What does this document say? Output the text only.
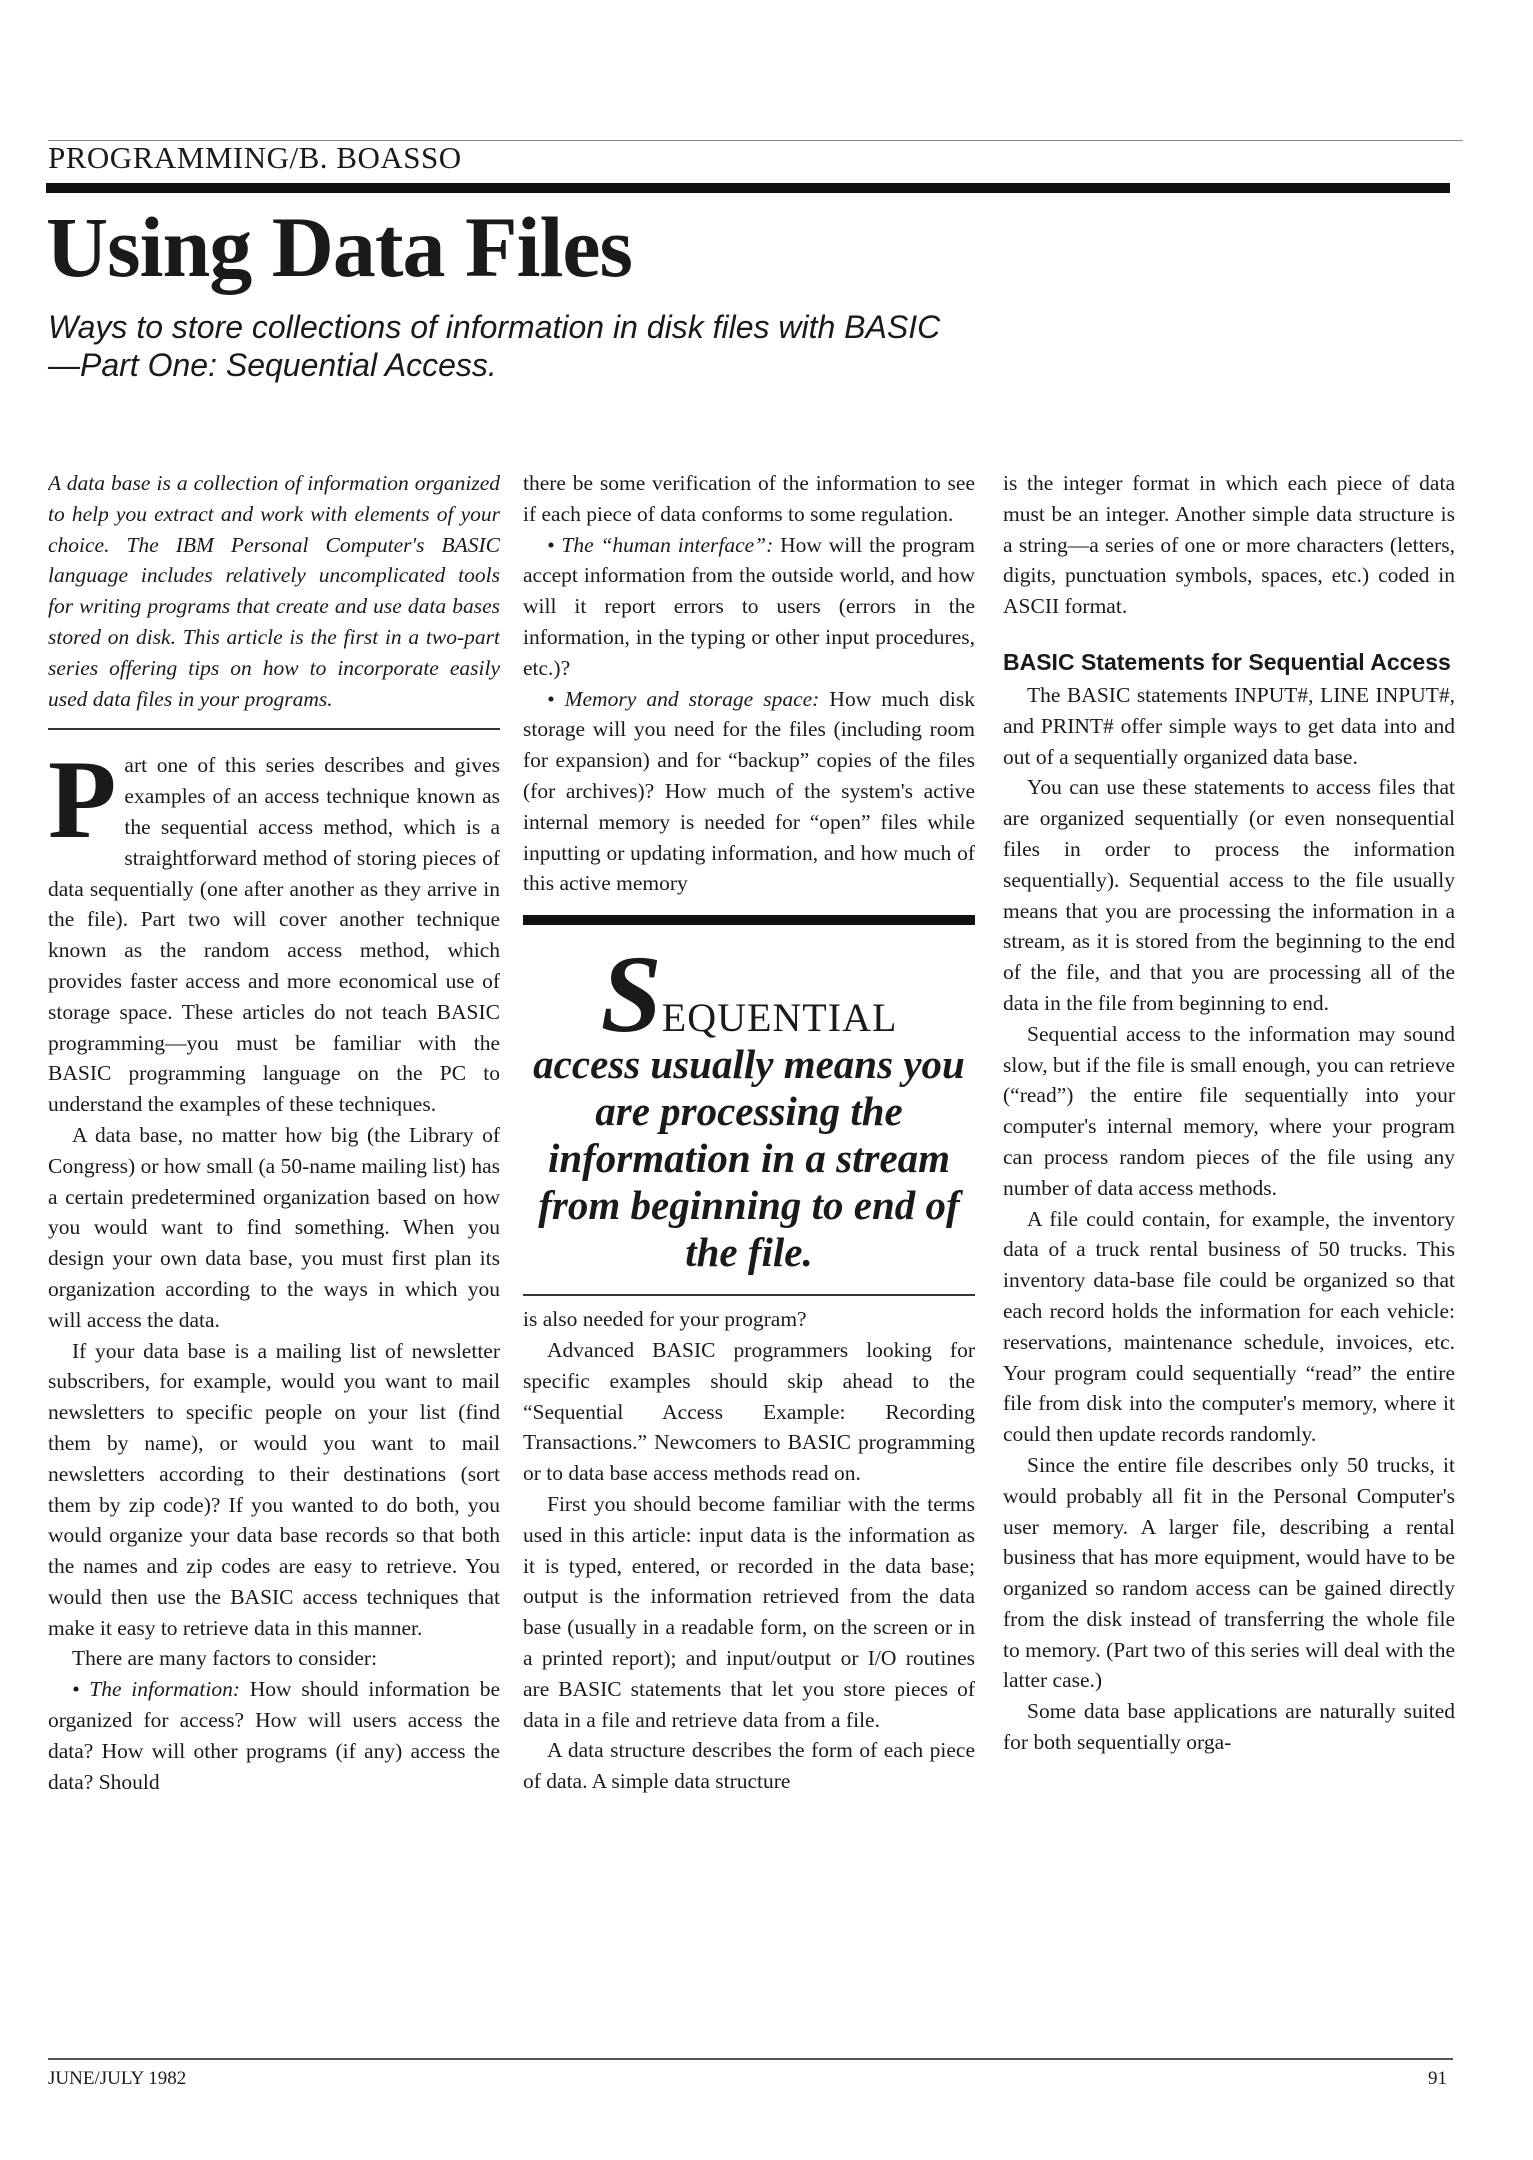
PROGRAMMING/B. BOASSO
Using Data Files
Ways to store collections of information in disk files with BASIC—Part One: Sequential Access.

A data base is a collection of information organized to help you extract and work with elements of your choice. The IBM Personal Computer's BASIC language includes relatively uncomplicated tools for writing programs that create and use data bases stored on disk. This article is the first in a two-part series offering tips on how to incorporate easily used data files in your programs.

Part one of this series describes and gives examples of an access technique known as the sequential access method, which is a straightforward method of storing pieces of data sequentially (one after another as they arrive in the file). Part two will cover another technique known as the random access method, which provides faster access and more economical use of storage space. These articles do not teach BASIC programming—you must be familiar with the BASIC programming language on the PC to understand the examples of these techniques.

A data base, no matter how big (the Library of Congress) or how small (a 50-name mailing list) has a certain predetermined organization based on how you would want to find something. When you design your own data base, you must first plan its organization according to the ways in which you will access the data.

If your data base is a mailing list of newsletter subscribers, for example, would you want to mail newsletters to specific people on your list (find them by name), or would you want to mail newsletters according to their destinations (sort them by zip code)? If you wanted to do both, you would organize your data base records so that both the names and zip codes are easy to retrieve. You would then use the BASIC access techniques that make it easy to retrieve data in this manner.

There are many factors to consider:

• The information: How should information be organized for access? How will users access the data? How will other programs (if any) access the data? Should

there be some verification of the information to see if each piece of data conforms to some regulation.

• The “human interface”: How will the program accept information from the outside world, and how will it report errors to users (errors in the information, in the typing or other input procedures, etc.)?

• Memory and storage space: How much disk storage will you need for the files (including room for expansion) and for “backup” copies of the files (for archives)? How much of the system's active internal memory is needed for “open” files while inputting or updating information, and how much of this active memory

SEQUENTIAL
access usually means you are processing the information in a stream from beginning to end of the file.

is also needed for your program?

Advanced BASIC programmers looking for specific examples should skip ahead to the “Sequential Access Example: Recording Transactions.” Newcomers to BASIC programming or to data base access methods read on.

First you should become familiar with the terms used in this article: input data is the information as it is typed, entered, or recorded in the data base; output is the information retrieved from the data base (usually in a readable form, on the screen or in a printed report); and input/output or I/O routines are BASIC statements that let you store pieces of data in a file and retrieve data from a file.

A data structure describes the form of each piece of data. A simple data structure

is the integer format in which each piece of data must be an integer. Another simple data structure is a string—a series of one or more characters (letters, digits, punctuation symbols, spaces, etc.) coded in ASCII format.

BASIC Statements for Sequential Access

The BASIC statements INPUT#, LINE INPUT#, and PRINT# offer simple ways to get data into and out of a sequentially organized data base.

You can use these statements to access files that are organized sequentially (or even nonsequential files in order to process the information sequentially). Sequential access to the file usually means that you are processing the information in a stream, as it is stored from the beginning to the end of the file, and that you are processing all of the data in the file from beginning to end.

Sequential access to the information may sound slow, but if the file is small enough, you can retrieve (“read”) the entire file sequentially into your computer's internal memory, where your program can process random pieces of the file using any number of data access methods.

A file could contain, for example, the inventory data of a truck rental business of 50 trucks. This inventory data-base file could be organized so that each record holds the information for each vehicle: reservations, maintenance schedule, invoices, etc. Your program could sequentially “read” the entire file from disk into the computer's memory, where it could then update records randomly.

Since the entire file describes only 50 trucks, it would probably all fit in the Personal Computer's user memory. A larger file, describing a rental business that has more equipment, would have to be organized so random access can be gained directly from the disk instead of transferring the whole file to memory. (Part two of this series will deal with the latter case.)

Some data base applications are naturally suited for both sequentially orga-

JUNE/JULY 1982	91
